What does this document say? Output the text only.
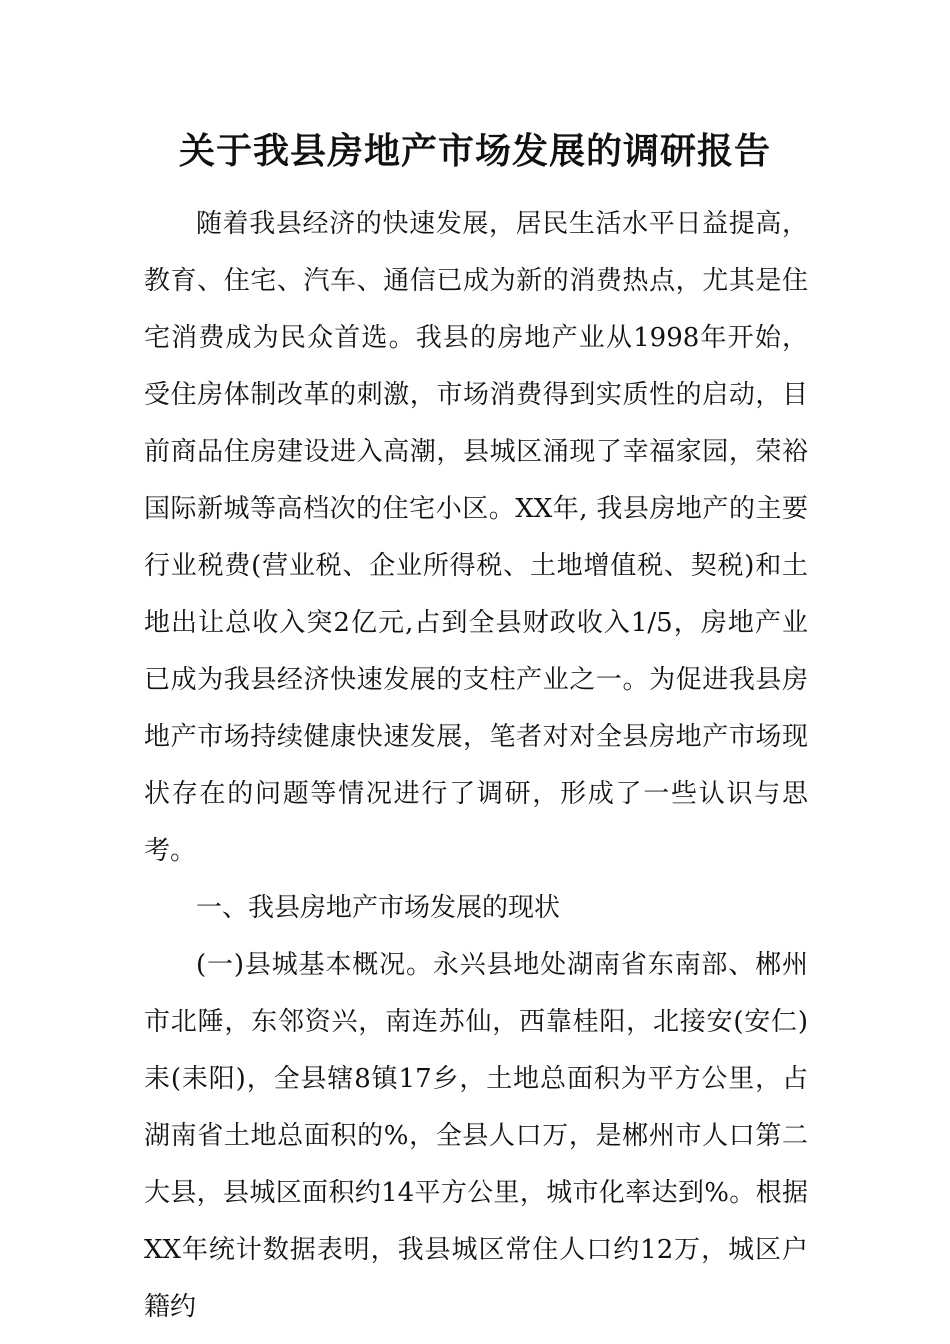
关于我县房地产市场发展的调研报告

随着我县经济的快速发展，居民生活水平日益提高，教育、住宅、汽车、通信已成为新的消费热点，尤其是住宅消费成为民众首选。我县的房地产业从1998年开始，受住房体制改革的刺激，市场消费得到实质性的启动，目前商品住房建设进入高潮，县城区涌现了幸福家园，荣裕国际新城等高档次的住宅小区。XX年, 我县房地产的主要行业税费(营业税、企业所得税、土地增值税、契税)和土地出让总收入突2亿元,占到全县财政收入1/5，房地产业已成为我县经济快速发展的支柱产业之一。为促进我县房地产市场持续健康快速发展，笔者对对全县房地产市场现状存在的问题等情况进行了调研，形成了一些认识与思考。

一、我县房地产市场发展的现状

(一)县城基本概况。永兴县地处湖南省东南部、郴州市北陲，东邻资兴，南连苏仙，西靠桂阳，北接安(安仁)耒(耒阳)，全县辖8镇17乡，土地总面积为平方公里，占湖南省土地总面积的%，全县人口万，是郴州市人口第二大县，县城区面积约14平方公里，城市化率达到%。根据XX年统计数据表明，我县城区常住人口约12万，城区户籍约
